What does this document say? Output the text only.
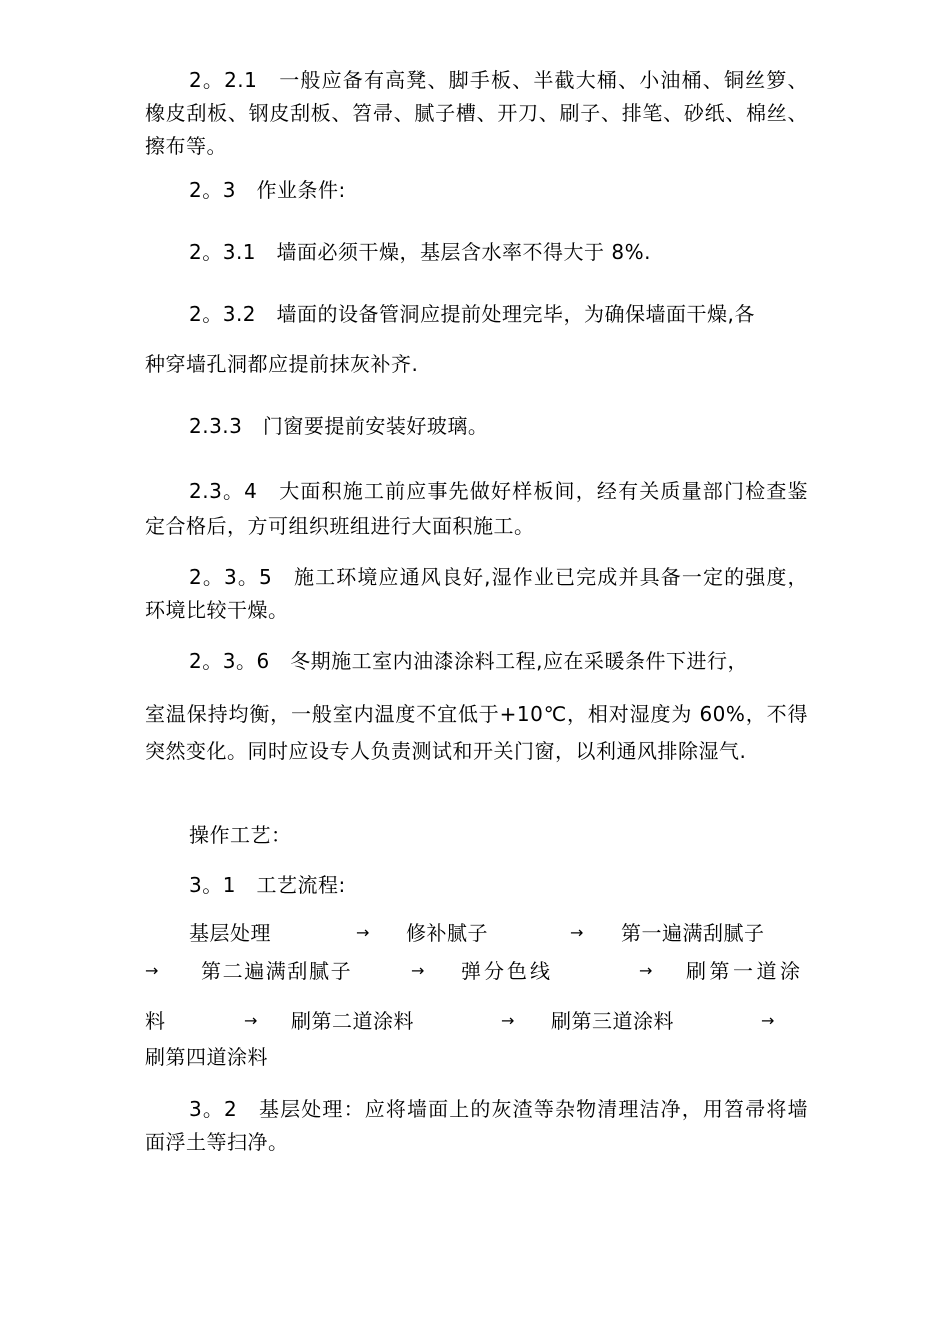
2。2.1　一般应备有高凳、脚手板、半截大桶、小油桶、铜丝箩、橡皮刮板、钢皮刮板、笤帚、腻子槽、开刀、刷子、排笔、砂纸、棉丝、擦布等。

2。3　作业条件:

2。3.1　墙面必须干燥，基层含水率不得大于 8%.

2。3.2　墙面的设备管洞应提前处理完毕，为确保墙面干燥,各

种穿墙孔洞都应提前抹灰补齐.

2.3.3　门窗要提前安装好玻璃。

2.3。4　大面积施工前应事先做好样板间，经有关质量部门检查鉴定合格后，方可组织班组进行大面积施工。

2。3。5　施工环境应通风良好,湿作业已完成并具备一定的强度，环境比较干燥。

2。3。6　冬期施工室内油漆涂料工程,应在采暖条件下进行，

室温保持均衡，一般室内温度不宜低于+10℃，相对湿度为 60%，不得突然变化。同时应设专人负责测试和开关门窗，以利通风排除湿气.

操作工艺：

3。1　工艺流程:

基层处理	→ 修补腻子	→ 第一遍满刮腻子
→ 第二遍满刮腻子	→ 弹分色线	→ 刷第一道涂
料	→ 刷第二道涂料	→ 刷第三道涂料	→
刷第四道涂料

3。2　基层处理：应将墙面上的灰渣等杂物清理洁净，用笤帚将墙面浮土等扫净。
